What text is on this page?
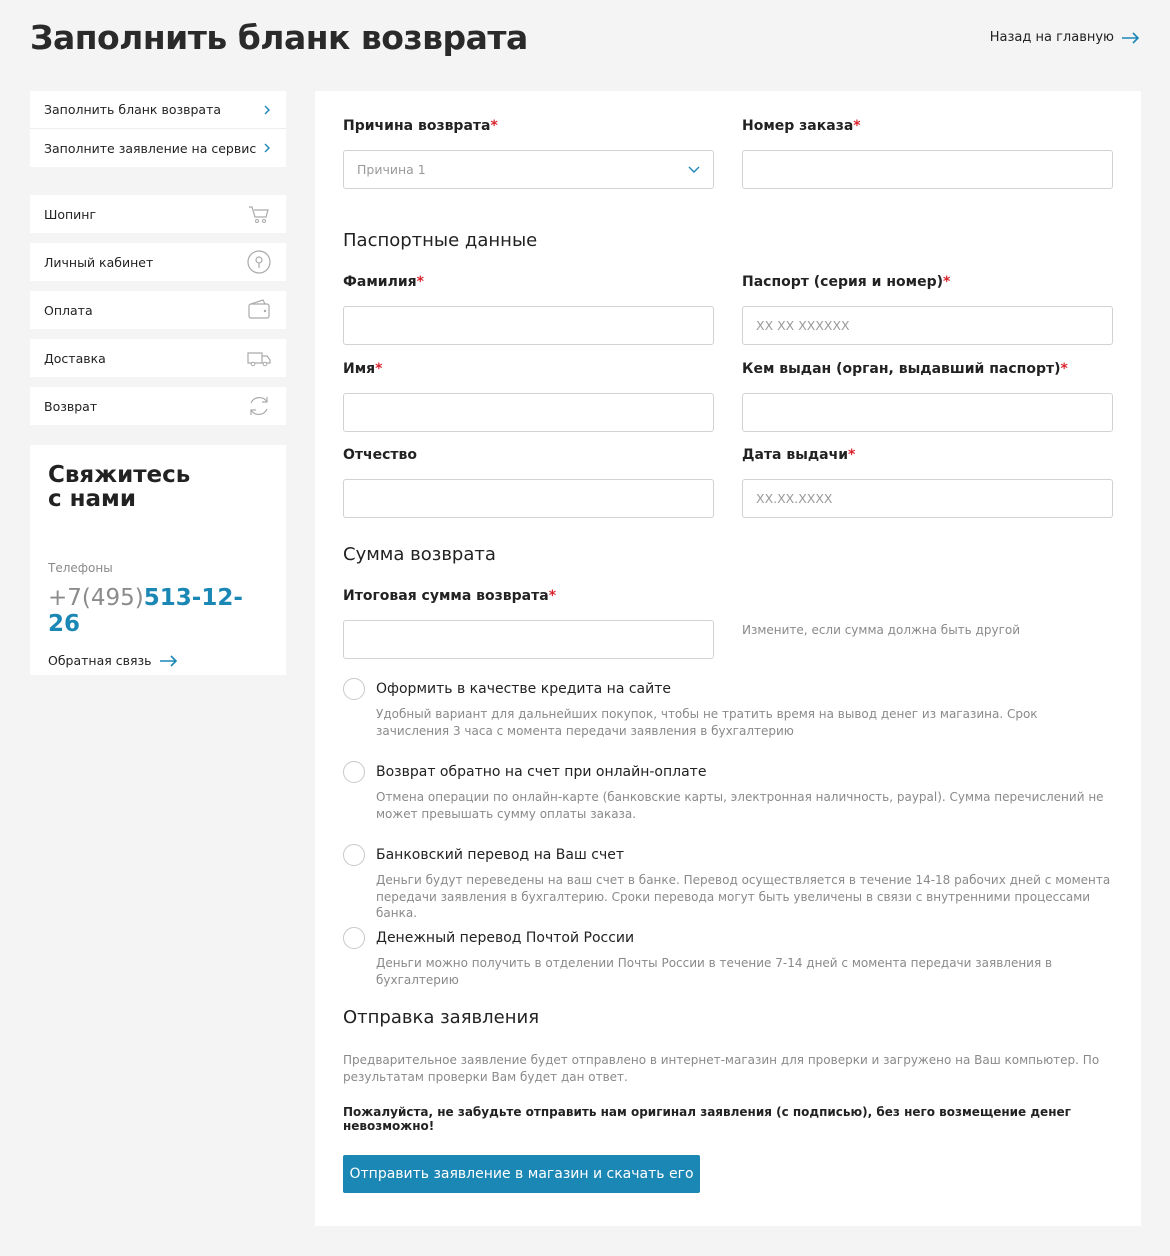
Заполнить бланк возврата	Назад на главную
Заполнить бланк возврата
Заполните заявление на сервис
Шопинг
Личный кабинет
Оплата
Доставка
Возврат
Свяжитесь
с нами
Телефоны
+7(495)513-12-26
Обратная связь
Причина возврата*
Причина 1
Номер заказа*
Паспортные данные
Фамилия*	Паспорт (серия и номер)*
XX XX XXXXXX
Имя*	Кем выдан (орган, выдавший паспорт)*
Отчество	Дата выдачи*
XX.XX.XXXX
Сумма возврата
Итоговая сумма возврата*
Измените, если сумма должна быть другой
Оформить в качестве кредита на сайте
Удобный вариант для дальнейших покупок, чтобы не тратить время на вывод денег из магазина. Срок зачисления 3 часа с момента передачи заявления в бухгалтерию
Возврат обратно на счет при онлайн-оплате
Отмена операции по онлайн-карте (банковские карты, электронная наличность, paypal). Сумма перечислений не может превышать сумму оплаты заказа.
Банковский перевод на Ваш счет
Деньги будут переведены на ваш счет в банке. Перевод осуществляется в течение 14-18 рабочих дней с момента передачи заявления в бухгалтерию. Сроки перевода могут быть увеличены в связи с внутренними процессами банка.
Денежный перевод Почтой России
Деньги можно получить в отделении Почты России в течение 7-14 дней с момента передачи заявления в бухгалтерию
Отправка заявления
Предварительное заявление будет отправлено в интернет-магазин для проверки и загружено на Ваш компьютер. По результатам проверки Вам будет дан ответ.
Пожалуйста, не забудьте отправить нам оригинал заявления (с подписью), без него возмещение денег невозможно!
Отправить заявление в магазин и скачать его
